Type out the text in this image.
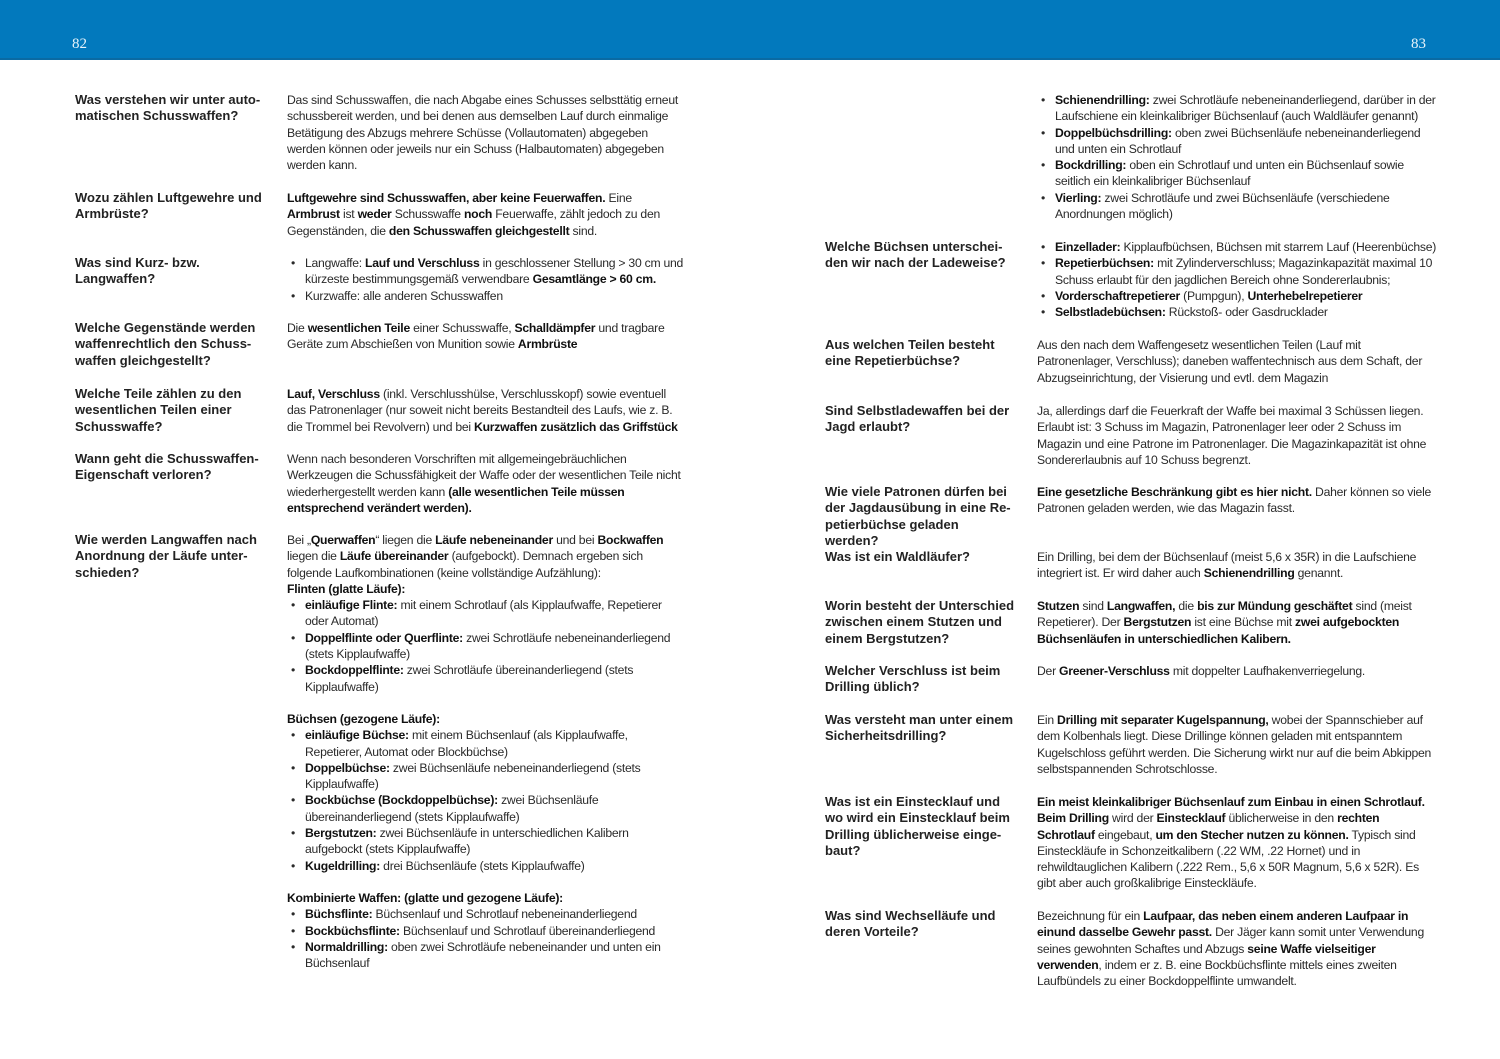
82	83
Was verstehen wir unter auto-matischen Schusswaffen?
Das sind Schusswaffen, die nach Abgabe eines Schusses selbsttätig erneut schussbereit werden, und bei denen aus demselben Lauf durch einmalige Betätigung des Abzugs mehrere Schüsse (Vollautomaten) abgegeben werden können oder jeweils nur ein Schuss (Halbautomaten) abgegeben werden kann.
Wozu zählen Luftgewehre und Armbrüste?
Luftgewehre sind Schusswaffen, aber keine Feuerwaffen. Eine Armbrust ist weder Schusswaffe noch Feuerwaffe, zählt jedoch zu den Gegenständen, die den Schusswaffen gleichgestellt sind.
Was sind Kurz- bzw. Langwaffen?
• Langwaffe: Lauf und Verschluss in geschlossener Stellung > 30 cm und kürzeste bestimmungsgemäß verwendbare Gesamtlänge > 60 cm.
• Kurzwaffe: alle anderen Schusswaffen
Welche Gegenstände werden waffenrechtlich den Schuss-waffen gleichgestellt?
Die wesentlichen Teile einer Schusswaffe, Schalldämpfer und tragbare Geräte zum Abschießen von Munition sowie Armbrüste
Welche Teile zählen zu den wesentlichen Teilen einer Schusswaffe?
Lauf, Verschluss (inkl. Verschlusshülse, Verschlusskopf) sowie eventuell das Patronenlager (nur soweit nicht bereits Bestandteil des Laufs, wie z. B. die Trommel bei Revolvern) und bei Kurzwaffen zusätzlich das Griffstück
Wann geht die Schusswaffen-Eigenschaft verloren?
Wenn nach besonderen Vorschriften mit allgemeingebräuchlichen Werkzeugen die Schussfähigkeit der Waffe oder der wesentlichen Teile nicht wiederhergestellt werden kann (alle wesentlichen Teile müssen entsprechend verändert werden).
Wie werden Langwaffen nach Anordnung der Läufe unter-schieden?
Bei „Querwaffen“ liegen die Läufe nebeneinander und bei Bockwaffen liegen die Läufe übereinander (aufgebockt). Demnach ergeben sich folgende Laufkombinationen (keine vollständige Aufzählung):
Flinten (glatte Läufe):
• einläufige Flinte: mit einem Schrotlauf (als Kipplaufwaffe, Repetierer oder Automat)
• Doppelflinte oder Querflinte: zwei Schrotläufe nebeneinanderliegend (stets Kipplaufwaffe)
• Bockdoppelflinte: zwei Schrotläufe übereinanderliegend (stets Kipplaufwaffe)
Büchsen (gezogene Läufe):
• einläufige Büchse: mit einem Büchsenlauf (als Kipplaufwaffe, Repetierer, Automat oder Blockbüchse)
• Doppelbüchse: zwei Büchsenläufe nebeneinanderliegend (stets Kipplaufwaffe)
• Bockbüchse (Bockdoppelbüchse): zwei Büchsenläufe übereinanderliegend (stets Kipplaufwaffe)
• Bergstutzen: zwei Büchsenläufe in unterschiedlichen Kalibern aufgebockt (stets Kipplaufwaffe)
• Kugeldrilling: drei Büchsenläufe (stets Kipplaufwaffe)
Kombinierte Waffen: (glatte und gezogene Läufe):
• Büchsflinte: Büchsenlauf und Schrotlauf nebeneinanderliegend
• Bockbüchsflinte: Büchsenlauf und Schrotlauf übereinanderliegend
• Normaldrilling: oben zwei Schrotläufe nebeneinander und unten ein Büchsenlauf
• Schienendrilling: zwei Schrotläufe nebeneinanderliegend, darüber in der Laufschiene ein kleinkalibriger Büchsenlauf (auch Waldläufer genannt)
• Doppelbüchsdrilling: oben zwei Büchsenläufe nebeneinanderliegend und unten ein Schrotlauf
• Bockdrilling: oben ein Schrotlauf und unten ein Büchsenlauf sowie seitlich ein kleinkalibriger Büchsenlauf
• Vierling: zwei Schrotläufe und zwei Büchsenläufe (verschiedene Anordnungen möglich)
Welche Büchsen unterschei-den wir nach der Ladeweise?
• Einzellader: Kipplaufbüchsen, Büchsen mit starrem Lauf (Heerenbüchse)
• Repetierbüchsen: mit Zylinderverschluss; Magazinkapazität maximal 10 Schuss erlaubt für den jagdlichen Bereich ohne Sondererlaubnis;
• Vorderschaftrepetierer (Pumpgun), Unterhebelrepetierer
• Selbstladebüchsen: Rückstoß- oder Gasdrucklader
Aus welchen Teilen besteht eine Repetierbüchse?
Aus den nach dem Waffengesetz wesentlichen Teilen (Lauf mit Patronenlager, Verschluss); daneben waffentechnisch aus dem Schaft, der Abzugseinrichtung, der Visierung und evtl. dem Magazin
Sind Selbstladewaffen bei der Jagd erlaubt?
Ja, allerdings darf die Feuerkraft der Waffe bei maximal 3 Schüssen liegen. Erlaubt ist: 3 Schuss im Magazin, Patronenlager leer oder 2 Schuss im Magazin und eine Patrone im Patronenlager. Die Magazinkapazität ist ohne Sondererlaubnis auf 10 Schuss begrenzt.
Wie viele Patronen dürfen bei der Jagdausübung in eine Re-petierbüchse geladen werden?
Eine gesetzliche Beschränkung gibt es hier nicht. Daher können so viele Patronen geladen werden, wie das Magazin fasst.
Was ist ein Waldläufer?	Ein Drilling, bei dem der Büchsenlauf (meist 5,6 x 35R) in die Laufschiene integriert ist. Er wird daher auch Schienendrilling genannt.
Worin besteht der Unterschied zwischen einem Stutzen und einem Bergstutzen?
Stutzen sind Langwaffen, die bis zur Mündung geschäftet sind (meist Repetierer). Der Bergstutzen ist eine Büchse mit zwei aufgebockten Büchsenläufen in unterschiedlichen Kalibern.
Welcher Verschluss ist beim Drilling üblich?
Der Greener-Verschluss mit doppelter Laufhakenverriegelung.
Was versteht man unter einem Sicherheitsdrilling?
Ein Drilling mit separater Kugelspannung, wobei der Spannschieber auf dem Kolbenhals liegt. Diese Drillinge können geladen mit entspanntem Kugelschloss geführt werden. Die Sicherung wirkt nur auf die beim Abkippen selbstspannenden Schrotschlosse.
Was ist ein Einstecklauf und wo wird ein Einstecklauf beim Drilling üblicherweise einge-baut?
Ein meist kleinkalibriger Büchsenlauf zum Einbau in einen Schrotlauf. Beim Drilling wird der Einstecklauf üblicherweise in den rechten Schrotlauf eingebaut, um den Stecher nutzen zu können. Typisch sind Einsteckläufe in Schonzeitkalibern (.22 WM, .22 Hornet) und in rehwildtauglichen Kalibern (.222 Rem., 5,6 x 50R Magnum, 5,6 x 52R). Es gibt aber auch großkalibrige Einsteckläufe.
Was sind Wechselläufe und deren Vorteile?
Bezeichnung für ein Laufpaar, das neben einem anderen Laufpaar in einund dasselbe Gewehr passt. Der Jäger kann somit unter Verwendung seines gewohnten Schaftes und Abzugs seine Waffe vielseitiger verwenden, indem er z. B. eine Bockbüchsflinte mittels eines zweiten Laufbündels zu einer Bockdoppelflinte umwandelt.
